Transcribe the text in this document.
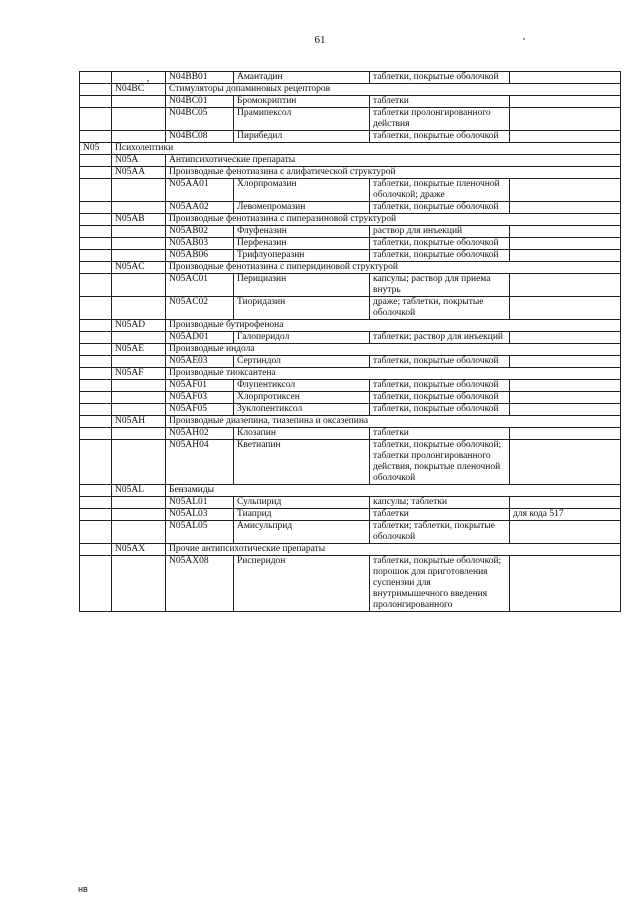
61
		N04BB01	Амантадин	таблетки, покрытые оболочкой	
	N04BC	Стимуляторы допаминовых рецепторов			
		N04BC01	Бромокриптин	таблетки	
		N04BC05	Прамипексол	таблетки пролонгированного действия	
		N04BC08	Пирибедил	таблетки, покрытые оболочкой	
N05	Психолептики				
	N05A	Антипсихотические препараты			
	N05AA	Производные фенотиазина с алифатической структурой			
		N05AA01	Хлорпромазин	таблетки, покрытые пленочной оболочкой; драже	
		N05AA02	Левомепромазин	таблетки, покрытые оболочкой	
	N05AB	Производные фенотиазина с пиперазиновой структурой			
		N05AB02	Флуфеназин	раствор для инъекций	
		N05AB03	Перфеназин	таблетки, покрытые оболочкой	
		N05AB06	Трифлуоперазин	таблетки, покрытые оболочкой	
	N05AC	Производные фенотиазина с пиперидиновой структурой			
		N05AC01	Перициазин	капсулы; раствор для приема внутрь	
		N05AC02	Тиоридазин	драже; таблетки, покрытые оболочкой	
	N05AD	Производные бутирофенона			
		N05AD01	Галоперидол	таблетки; раствор для инъекций	
	N05AE	Производные индола			
		N05AE03	Сертиндол	таблетки, покрытые оболочкой	
	N05AF	Производные тиоксантена			
		N05AF01	Флупентиксол	таблетки, покрытые оболочкой	
		N05AF03	Хлорпротиксен	таблетки, покрытые оболочкой	
		N05AF05	Зуклопентиксол	таблетки, покрытые оболочкой	
	N05AH	Производные диазепина, тиазепина и оксазепина			
		N05AH02	Клозапин	таблетки	
		N05AH04	Кветиапин	таблетки, покрытые оболочкой; таблетки пролонгированного действия, покрытые пленочной оболочкой	
	N05AL	Бензамиды			
		N05AL01	Сульпирид	капсулы; таблетки	
		N05AL03	Тиаприд	таблетки	для кода 517
		N05AL05	Амисульприд	таблетки; таблетки, покрытые оболочкой	
	N05AX	Прочие антипсихотические препараты			
		N05AX08	Рисперидон	таблетки, покрытые оболочкой; порошок для приготовления суспензии для внутримышечного введения пролонгированного	
нв
